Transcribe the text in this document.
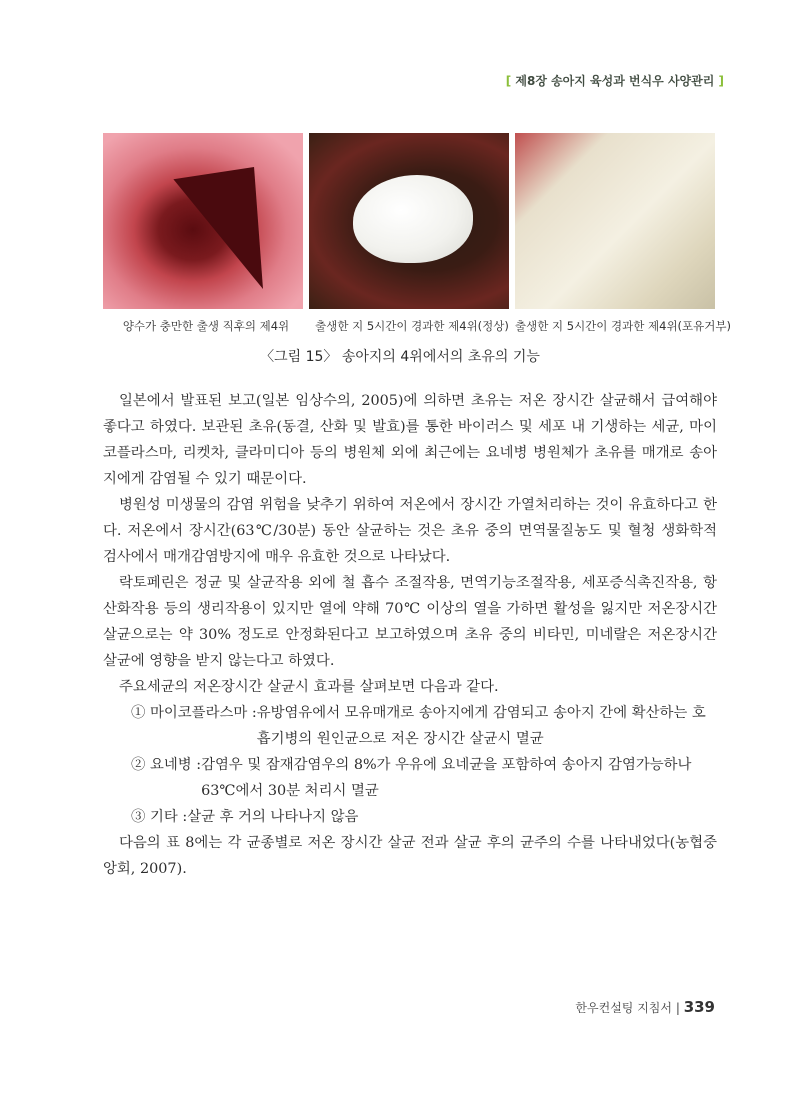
[ 제8장 송아지 육성과 번식우 사양관리 ]
양수가 충만한 출생 직후의 제4위	출생한 지 5시간이 경과한 제4위(정상) 출생한 지 5시간이 경과한 제4위(포유거부)
〈그림 15〉 송아지의 4위에서의 초유의 기능

일본에서 발표된 보고(일본 임상수의, 2005)에 의하면 초유는 저온 장시간 살균해서 급여해야 좋다고 하였다. 보관된 초유(동결, 산화 및 발효)를 통한 바이러스 및 세포 내 기생하는 세균, 마이코플라스마, 리켓차, 클라미디아 등의 병원체 외에 최근에는 요네병 병원체가 초유를 매개로 송아지에게 감염될 수 있기 때문이다.

병원성 미생물의 감염 위험을 낮추기 위하여 저온에서 장시간 가열처리하는 것이 유효하다고 한다. 저온에서 장시간(63℃/30분) 동안 살균하는 것은 초유 중의 면역물질농도 및 혈청 생화학적 검사에서 매개감염방지에 매우 유효한 것으로 나타났다.

락토페린은 정균 및 살균작용 외에 철 흡수 조절작용, 면역기능조절작용, 세포증식촉진작용, 항산화작용 등의 생리작용이 있지만 열에 약해 70℃ 이상의 열을 가하면 활성을 잃지만 저온장시간 살균으로는 약 30% 정도로 안정화된다고 보고하였으며 초유 중의 비타민, 미네랄은 저온장시간 살균에 영향을 받지 않는다고 하였다.

주요세균의 저온장시간 살균시 효과를 살펴보면 다음과 같다.

① 마이코플라스마 : 유방염유에서 모유매개로 송아지에게 감염되고 송아지 간에 확산하는 호흡기병의 원인균으로 저온 장시간 살균시 멸균
② 요네병 : 감염우 및 잠재감염우의 8%가 우유에 요네균을 포함하여 송아지 감염가능하나 63℃에서 30분 처리시 멸균
③ 기타 : 살균 후 거의 나타나지 않음

다음의 표 8에는 각 균종별로 저온 장시간 살균 전과 살균 후의 균주의 수를 나타내었다(농협중앙회, 2007).

한우컨설팅 지침서 | 339
